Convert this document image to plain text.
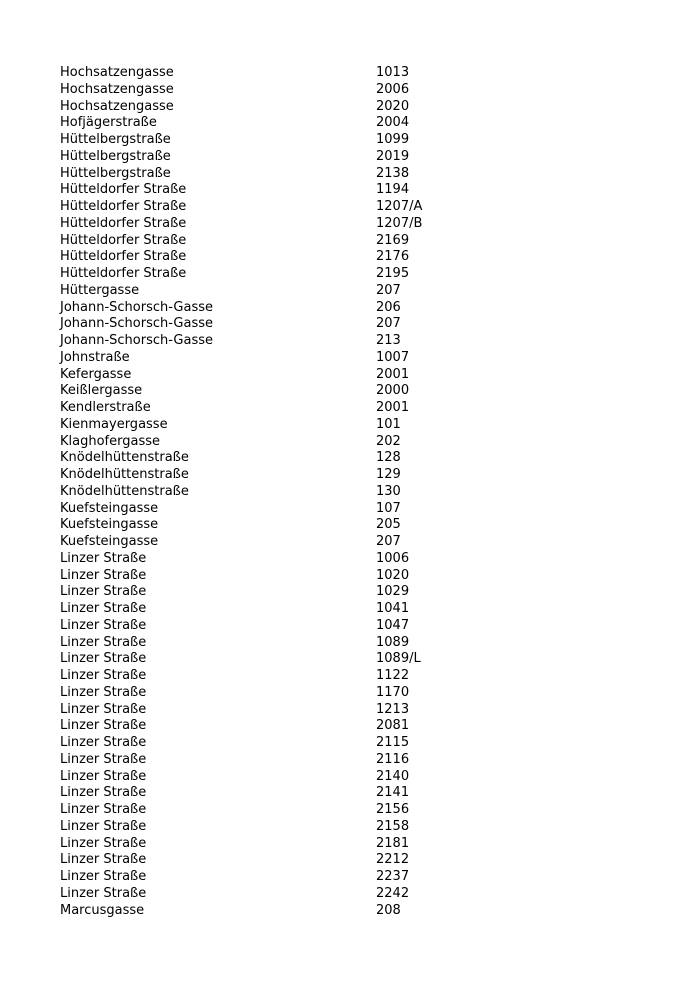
Hochsatzengasse	1013
Hochsatzengasse	2006
Hochsatzengasse	2020
Hofjägerstraße	2004
Hüttelbergstraße	1099
Hüttelbergstraße	2019
Hüttelbergstraße	2138
Hütteldorfer Straße	1194
Hütteldorfer Straße	1207/A
Hütteldorfer Straße	1207/B
Hütteldorfer Straße	2169
Hütteldorfer Straße	2176
Hütteldorfer Straße	2195
Hüttergasse	207
Johann-Schorsch-Gasse	206
Johann-Schorsch-Gasse	207
Johann-Schorsch-Gasse	213
Johnstraße	1007
Kefergasse	2001
Keißlergasse	2000
Kendlerstraße	2001
Kienmayergasse	101
Klaghofergasse	202
Knödelhüttenstraße	128
Knödelhüttenstraße	129
Knödelhüttenstraße	130
Kuefsteingasse	107
Kuefsteingasse	205
Kuefsteingasse	207
Linzer Straße	1006
Linzer Straße	1020
Linzer Straße	1029
Linzer Straße	1041
Linzer Straße	1047
Linzer Straße	1089
Linzer Straße	1089/L
Linzer Straße	1122
Linzer Straße	1170
Linzer Straße	1213
Linzer Straße	2081
Linzer Straße	2115
Linzer Straße	2116
Linzer Straße	2140
Linzer Straße	2141
Linzer Straße	2156
Linzer Straße	2158
Linzer Straße	2181
Linzer Straße	2212
Linzer Straße	2237
Linzer Straße	2242
Marcusgasse	208
